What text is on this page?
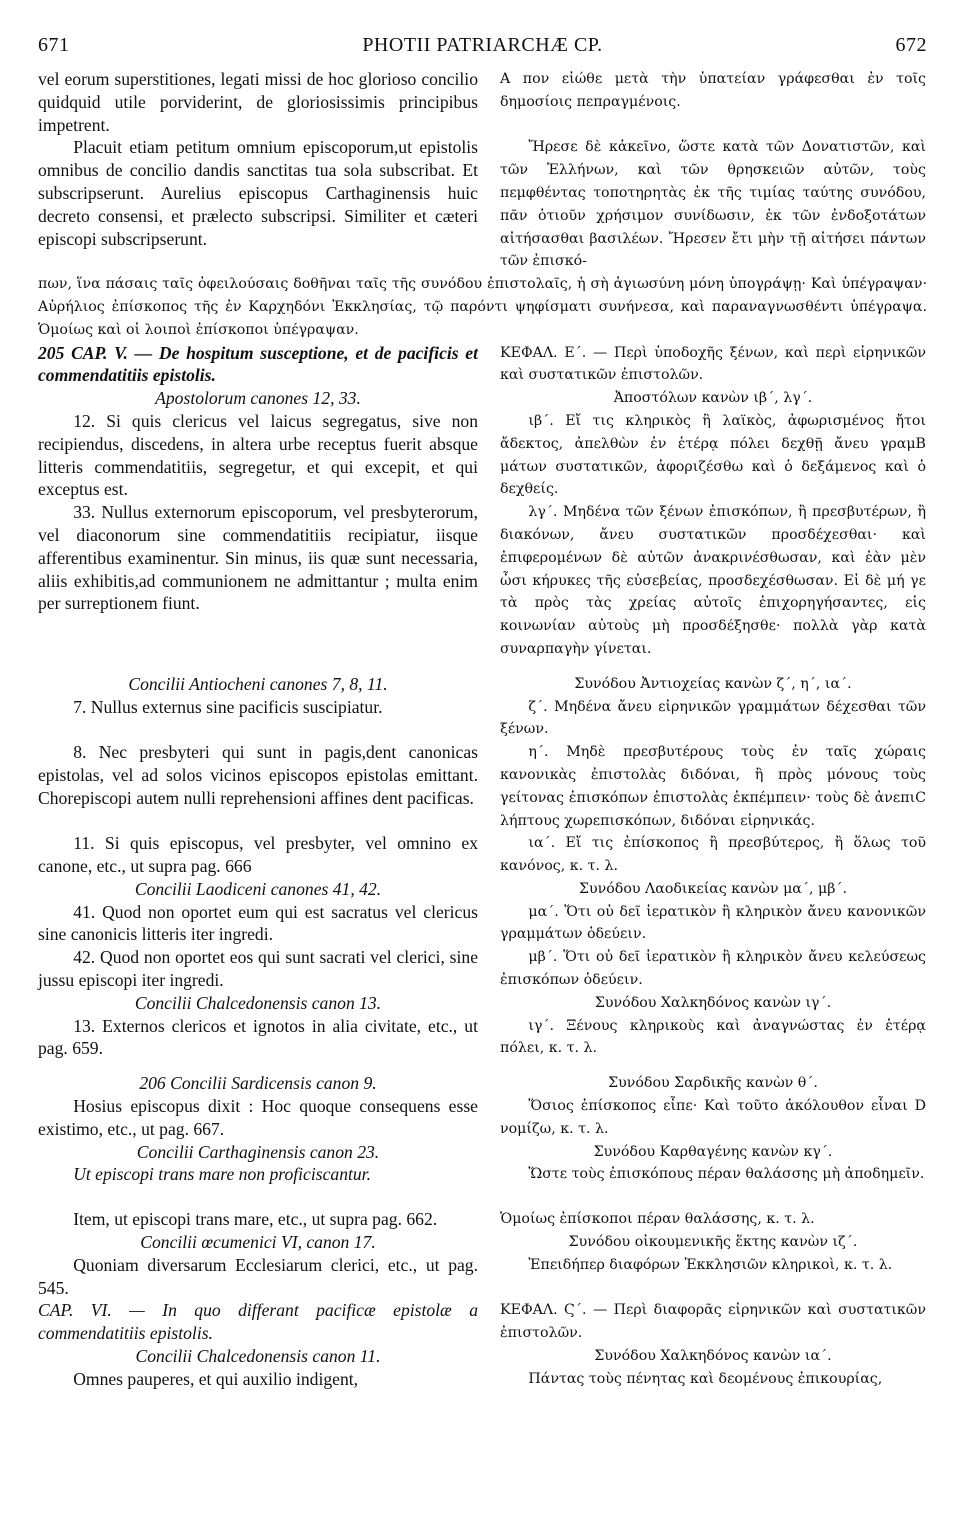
671	PHOTII PATRIARCHÆ CP.	672

vel eorum superstitiones, legati missi de hoc glorioso concilio quidquid utile porviderint, de gloriosissimis principibus impetrent.

A πον εἰώθε μετὰ τὴν ὑπατείαν γράφεσθαι ἐν τοῖς δημοσίοις πεπραγμένοις.

Placuit etiam petitum omnium episcoporum,ut epistolis omnibus de concilio dandis sanctitas tua sola subscribat. Et subscripserunt. Aurelius episcopus Carthaginensis huic decreto consensi, et prælecto subscripsi. Similiter et cæteri episcopi subscripserunt.

Ἤρεσε δὲ κἀκεῖνο, ὥστε κατὰ τῶν Δονατιστῶν, καὶ τῶν Ἑλλήνων, καὶ τῶν θρησκειῶν αὐτῶν, τοὺς πεμφθέντας τοποτηρητὰς ἐκ τῆς τιμίας ταύτης συνόδου, πᾶν ὁτιοῦν χρήσιμον συνίδωσιν, ἐκ τῶν ἐνδοξοτάτων αἰτήσασθαι βασιλέων. Ἤρεσεν ἔτι μὴν τῇ αἰτήσει πάντων τῶν ἐπισκό-

πων, ἵνα πάσαις ταῖς ὀφειλούσαις δοθῆναι ταῖς τῆς συνόδου ἐπιστολαῖς, ἡ σὴ ἁγιωσύνη μόνη ὑπογράψῃ· Καὶ ὑπέγραψαν· Αὐρήλιος ἐπίσκοπος τῆς ἐν Καρχηδόνι Ἐκκλησίας, τῷ παρόντι ψηφίσματι συνήνεσα, καὶ παραναγνωσθέντι ὑπέγραψα. Ὁμοίως καὶ οἱ λοιποὶ ἐπίσκοποι ὑπέγραψαν.

205 CAP. V. — De hospitum susceptione, et de pacificis et commendatitiis epistolis.

ΚΕΦΑΛ. Ε΄. — Περὶ ὑποδοχῆς ξένων, καὶ περὶ εἰρηνικῶν καὶ συστατικῶν ἐπιστολῶν.

Apostolorum canones 12, 33.	Ἀποστόλων κανὼν ιβ΄, λγ΄.

12. Si quis clericus vel laicus segregatus, sive non recipiendus, discedens, in altera urbe receptus fuerit absque litteris commendatitiis, segregetur, et qui excepit, et qui exceptus est.

ιβ΄. Εἴ τις κληρικὸς ἢ λαϊκὸς, ἀφωρισμένος ἤτοι ἄδεκτος, ἀπελθὼν ἐν ἑτέρᾳ πόλει δεχθῇ ἄνευ γραμB μάτων συστατικῶν, ἀφοριζέσθω καὶ ὁ δεξάμενος καὶ ὁ δεχθείς.

33. Nullus externorum episcoporum, vel presbyterorum, vel diaconorum sine commendatitiis recipiatur, iisque afferentibus examinentur. Sin minus, iis quæ sunt necessaria, aliis exhibitis,ad communionem ne admittantur ; multa enim per surreptionem fiunt.

λγ΄. Μηδένα τῶν ξένων ἐπισκόπων, ἢ πρεσβυτέρων, ἢ διακόνων, ἄνευ συστατικῶν προσδέχεσθαι· καὶ ἐπιφερομένων δὲ αὐτῶν ἀνακρινέσθωσαν, καὶ ἐὰν μὲν ὦσι κήρυκες τῆς εὐσεβείας, προσδεχέσθωσαν. Εἰ δὲ μή γε τὰ πρὸς τὰς χρείας αὐτοῖς ἐπιχορηγήσαντες, εἰς κοινωνίαν αὐτοὺς μὴ προσδέξησθε· πολλὰ γὰρ κατὰ συναρπαγὴν γίνεται.

Concilii Antiocheni canones 7, 8, 11.	Συνόδου Ἀντιοχείας κανὼν ζ΄, η΄, ια΄.

7. Nullus externus sine pacificis suscipiatur.	ζ΄. Μηδένα ἄνευ εἰρηνικῶν γραμμάτων δέχεσθαι τῶν ξένων.

8. Nec presbyteri qui sunt in pagis,dent canonicas epistolas, vel ad solos vicinos episcopos epistolas emittant. Chorepiscopi autem nulli reprehensioni affines dent pacificas.

η΄. Μηδὲ πρεσβυτέρους τοὺς ἐν ταῖς χώραις κανονικὰς ἐπιστολὰς διδόναι, ἢ πρὸς μόνους τοὺς γείτονας ἐπισκόπων ἐπιστολὰς ἐκπέμπειν· τοὺς δὲ ἀνεπιC λήπτους χωρεπισκόπων, διδόναι εἰρηνικάς.

11. Si quis episcopus, vel presbyter, vel omnino ex canone, etc., ut supra pag. 666

ια΄. Εἴ τις ἐπίσκοπος ἢ πρεσβύτερος, ἢ ὅλως τοῦ κανόνος, κ. τ. λ.

Concilii Laodiceni canones 41, 42.	Συνόδου Λαοδικείας κανὼν μα΄, μβ΄.

41. Quod non oportet eum qui est sacratus vel clericus sine canonicis litteris iter ingredi.

μα΄. Ὅτι οὐ δεῖ ἱερατικὸν ἢ κληρικὸν ἄνευ κανονικῶν γραμμάτων ὁδεύειν.

42. Quod non oportet eos qui sunt sacrati vel clerici, sine jussu episcopi iter ingredi.

μβ΄. Ὅτι οὐ δεῖ ἱερατικὸν ἢ κληρικὸν ἄνευ κελεύσεως ἐπισκόπων ὁδεύειν.

Concilii Chalcedonensis canon 13.	Συνόδου Χαλκηδόνος κανὼν ιγ΄.

13. Externos clericos et ignotos in alia civitate, etc., ut pag. 659.

ιγ΄. Ξένους κληρικοὺς καὶ ἀναγνώστας ἐν ἑτέρᾳ πόλει, κ. τ. λ.

206 Concilii Sardicensis canon 9.	Συνόδου Σαρδικῆς κανὼν θ΄.

Hosius episcopus dixit : Hoc quoque consequens esse existimo, etc., ut pag. 667.

Ὅσιος ἐπίσκοπος εἶπε· Καὶ τοῦτο ἀκόλουθον εἶναι D νομίζω, κ. τ. λ.

Concilii Carthaginensis canon 23.	Συνόδου Καρθαγένης κανὼν κγ΄.

Ut episcopi trans mare non proficiscantur.	Ὥστε τοὺς ἐπισκόπους πέραν θαλάσσης μὴ ἀποδημεῖν.

Item, ut episcopi trans mare, etc., ut supra pag. 662.	Ὁμοίως ἐπίσκοποι πέραν θαλάσσης, κ. τ. λ.

Concilii œcumenici VI, canon 17.	Συνόδου οἰκουμενικῆς ἕκτης κανὼν ιζ΄.

Quoniam diversarum Ecclesiarum clerici, etc., ut pag. 545.

Ἐπειδήπερ διαφόρων Ἐκκλησιῶν κληρικοὶ, κ. τ. λ.

CAP. VI. — In quo differant pacificæ epistolæ a commendatitiis epistolis.

ΚΕΦΑΛ. Ϛ΄. — Περὶ διαφορᾶς εἰρηνικῶν καὶ συστατικῶν ἐπιστολῶν.

Concilii Chalcedonensis canon 11.	Συνόδου Χαλκηδόνος κανὼν ια΄.

Omnes pauperes, et qui auxilio indigent,	Πάντας τοὺς πένητας καὶ δεομένους ἐπικουρίας,
